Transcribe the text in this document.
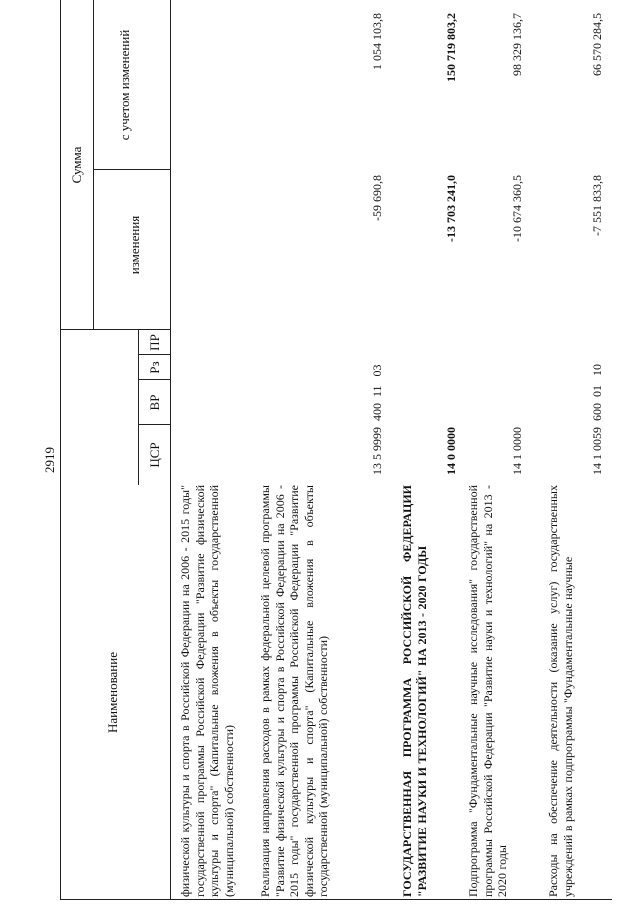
2919
Наименование
ЦСР
ВР
Рз
ПР
Сумма
изменения
с учетом изменений
физической культуры и спорта в Российской Федерации на 2006 - 2015 годы" государственной программы Российской Федерации "Развитие физической культуры и спорта" (Капитальные вложения в объекты государственной (муниципальной) собственности) Реализация направления расходов в рамках федеральной целевой программы "Развитие физической культуры и спорта в Российской Федерации на 2006 - 2015 годы" государственной программы Российской Федерации "Развитие физической культуры и спорта" (Капитальные вложения в объекты государственной (муниципальной) собственности)
13 5 9999  400  11   03
-59 690,8
1 054 103,8
ГОСУДАРСТВЕННАЯ ПРОГРАММА РОССИЙСКОЙ ФЕДЕРАЦИИ "РАЗВИТИЕ НАУКИ И ТЕХНОЛОГИЙ" НА 2013 - 2020 ГОДЫ
14 0 0000
-13 703 241,0
150 719 803,2
Подпрограмма "Фундаментальные научные исследования" государственной программы Российской Федерации "Развитие науки и технологий" на 2013 - 2020 годы
14 1 0000
-10 674 360,5
98 329 136,7
Расходы на обеспечение деятельности (оказание услуг) государственных учреждений в рамках подпрограммы "Фундаментальные научные
14 1 0059  600  01   10
-7 551 833,8
66 570 284,5
